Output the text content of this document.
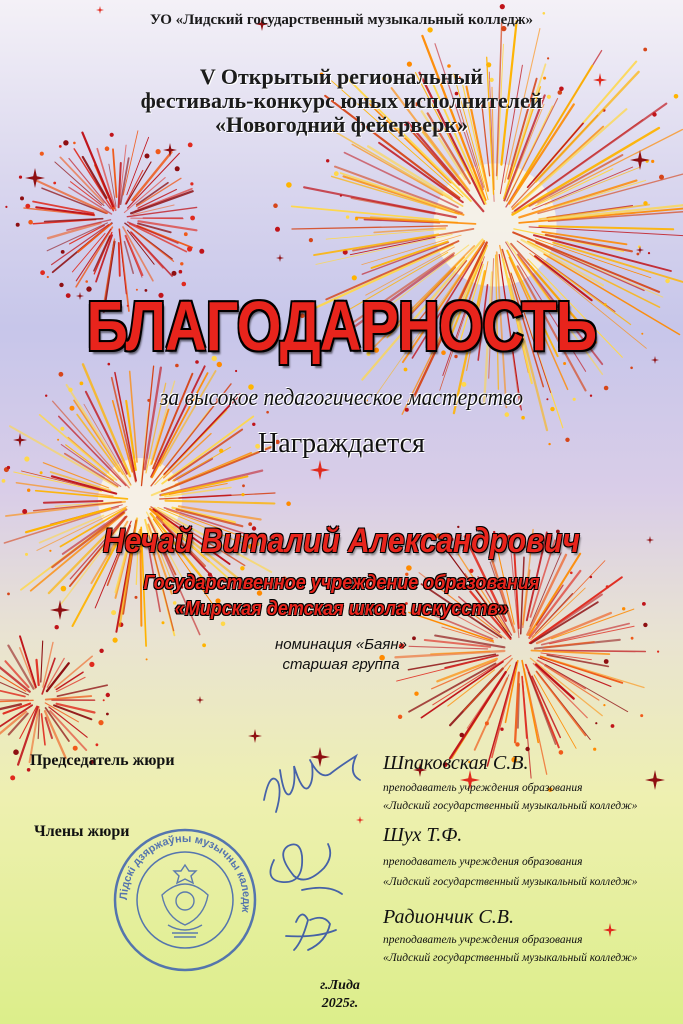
УО «Лидский государственный музыкальный колледж»
V Открытый региональный
фестиваль-конкурс юных исполнителей
«Новогодний фейерверк»
БЛАГОДАРНОСТЬ
за высокое педагогическое мастерство
Награждается
Нечай Виталий Александрович
Государственное учреждение образования
«Мирская детская школа искусств»
номинация «Баян»
старшая группа
Председатель жюри
Члены жюри
Шпаковская С.В.
преподаватель учреждения образования
«Лидский государственный музыкальный колледж»
Шух Т.Ф.
преподаватель учреждения образования
«Лидский государственный музыкальный колледж»
Радиончик С.В.
преподаватель учреждения образования
«Лидский государственный музыкальный колледж»
г.Лида
2025г.
Лідскі дзяржаўны музычны каледж
